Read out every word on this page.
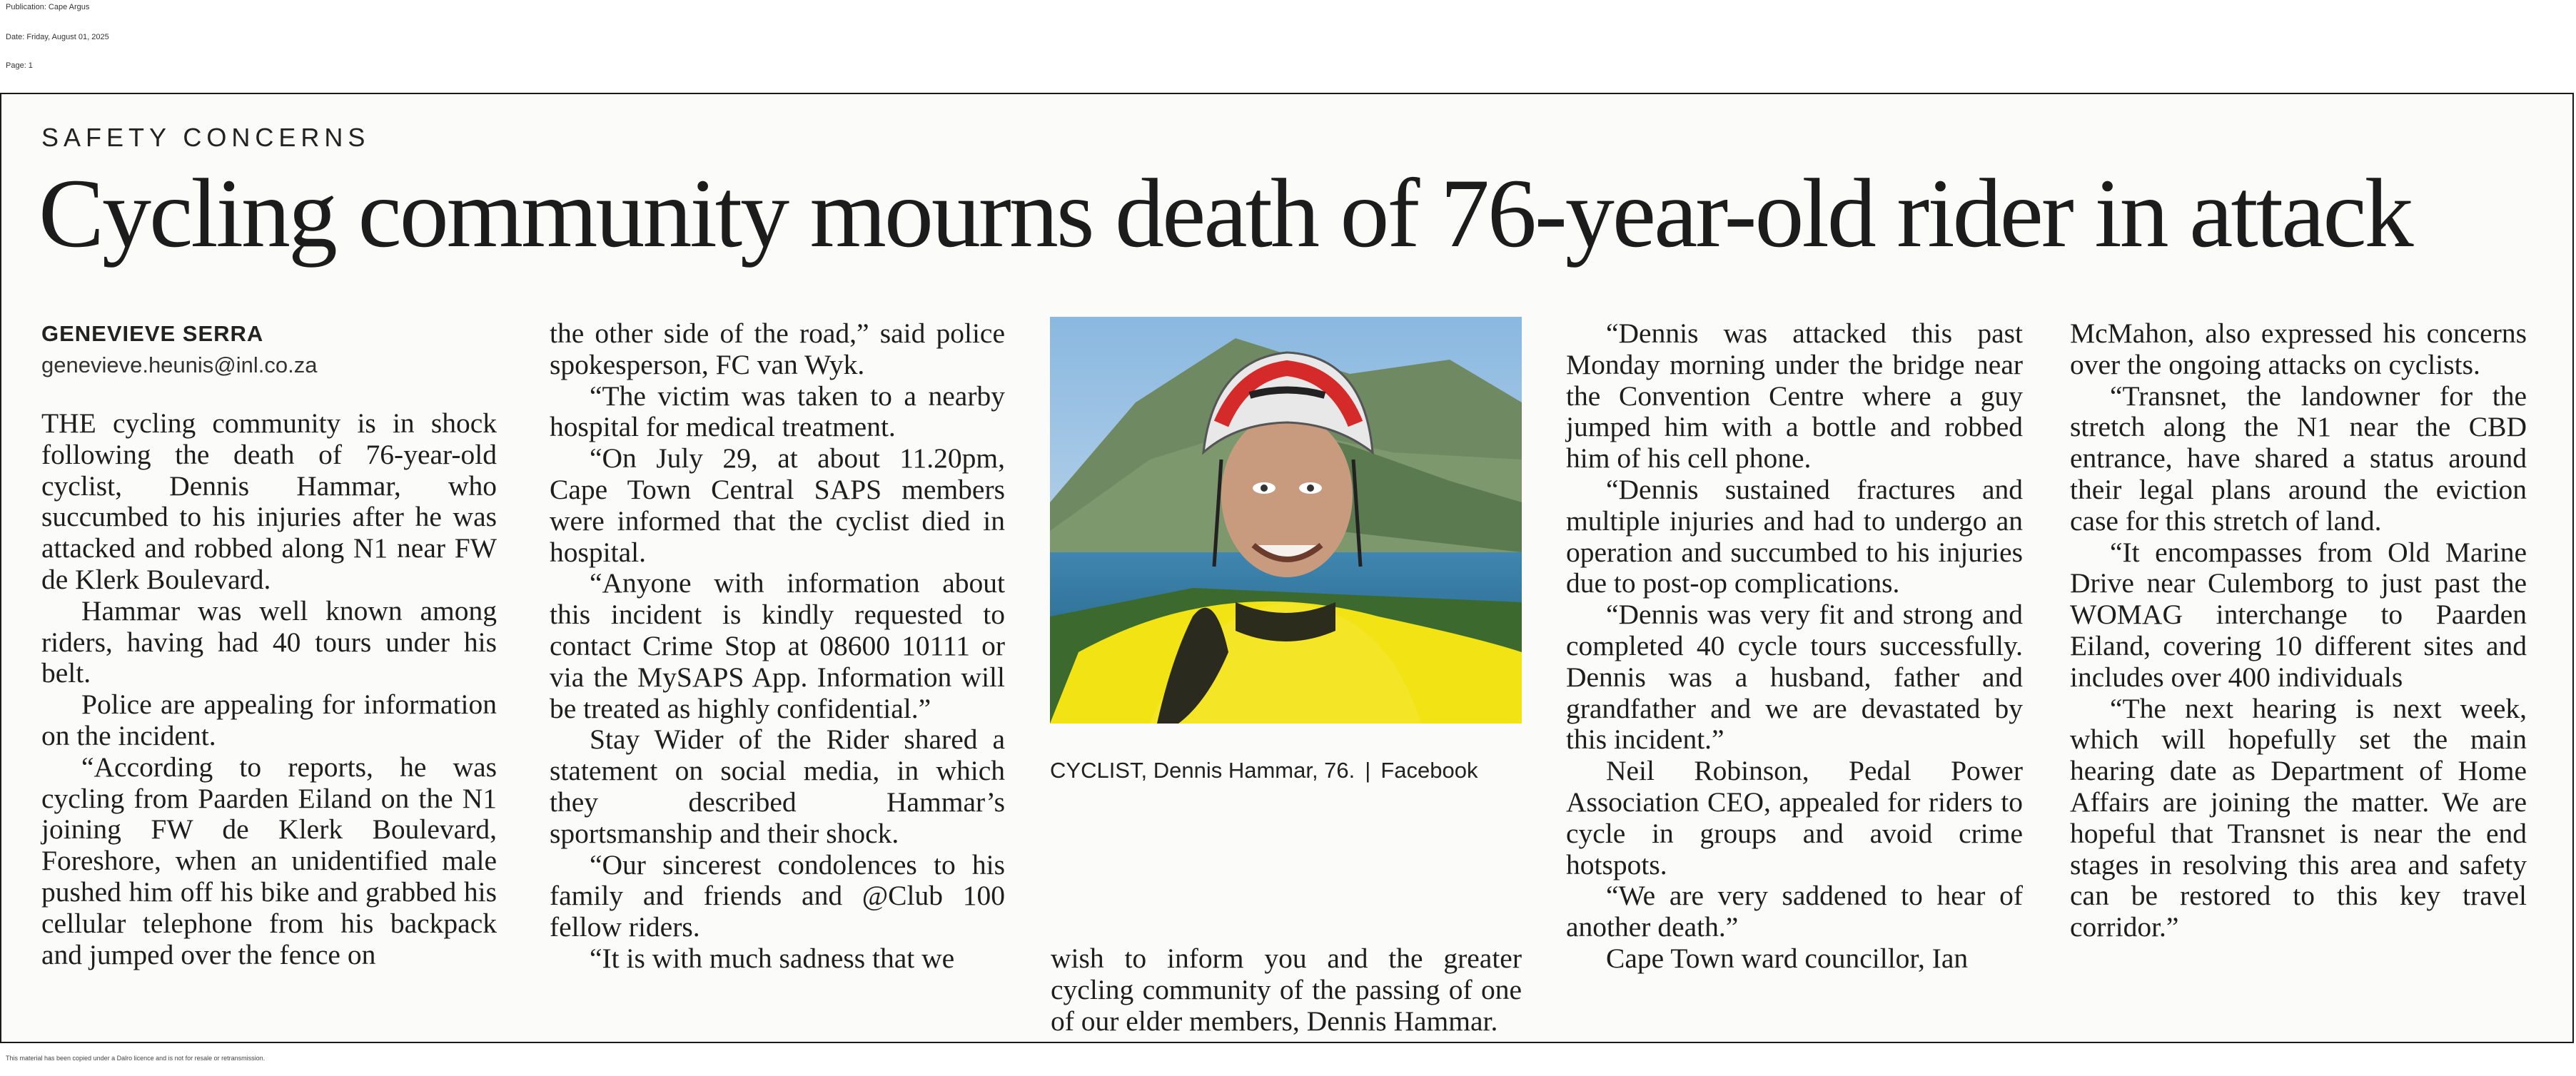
Publication: Cape Argus
Date: Friday, August 01, 2025
Page: 1
SAFETY CONCERNS
Cycling community mourns death of 76-year-old rider in attack
GENEVIEVE SERRA
genevieve.heunis@inl.co.za

THE cycling community is in shock following the death of 76-year-old cyclist, Dennis Hammar, who succumbed to his injuries after he was attacked and robbed along N1 near FW de Klerk Boulevard.

Hammar was well known among riders, having had 40 tours under his belt.

Police are appealing for information on the incident.

“According to reports, he was cycling from Paarden Eiland on the N1 joining FW de Klerk Boulevard, Foreshore, when an unidentified male pushed him off his bike and grabbed his cellular telephone from his backpack and jumped over the fence on

the other side of the road,” said police spokesperson, FC van Wyk.

“The victim was taken to a nearby hospital for medical treatment.

“On July 29, at about 11.20pm, Cape Town Central SAPS members were informed that the cyclist died in hospital.

“Anyone with information about this incident is kindly requested to contact Crime Stop at 08600 10111 or via the MySAPS App. Information will be treated as highly confidential.”

Stay Wider of the Rider shared a statement on social media, in which they described Hammar’s sportsmanship and their shock.

“Our sincerest condolences to his family and friends and @Club 100 fellow riders.

“It is with much sadness that we

CYCLIST, Dennis Hammar, 76. | Facebook

wish to inform you and the greater cycling community of the passing of one of our elder members, Dennis Hammar.

“Dennis was attacked this past Monday morning under the bridge near the Convention Centre where a guy jumped him with a bottle and robbed him of his cell phone.

“Dennis sustained fractures and multiple injuries and had to undergo an operation and succumbed to his injuries due to post-op complications.

“Dennis was very fit and strong and completed 40 cycle tours successfully. Dennis was a husband, father and grandfather and we are devastated by this incident.”

Neil Robinson, Pedal Power Association CEO, appealed for riders to cycle in groups and avoid crime hotspots.

“We are very saddened to hear of another death.”

Cape Town ward councillor, Ian

McMahon, also expressed his concerns over the ongoing attacks on cyclists.

“Transnet, the landowner for the stretch along the N1 near the CBD entrance, have shared a status around their legal plans around the eviction case for this stretch of land.

“It encompasses from Old Marine Drive near Culemborg to just past the WOMAG interchange to Paarden Eiland, covering 10 different sites and includes over 400 individuals

“The next hearing is next week, which will hopefully set the main hearing date as Department of Home Affairs are joining the matter. We are hopeful that Transnet is near the end stages in resolving this area and safety can be restored to this key travel corridor.”

This material has been copied under a Dalro licence and is not for resale or retransmission.
